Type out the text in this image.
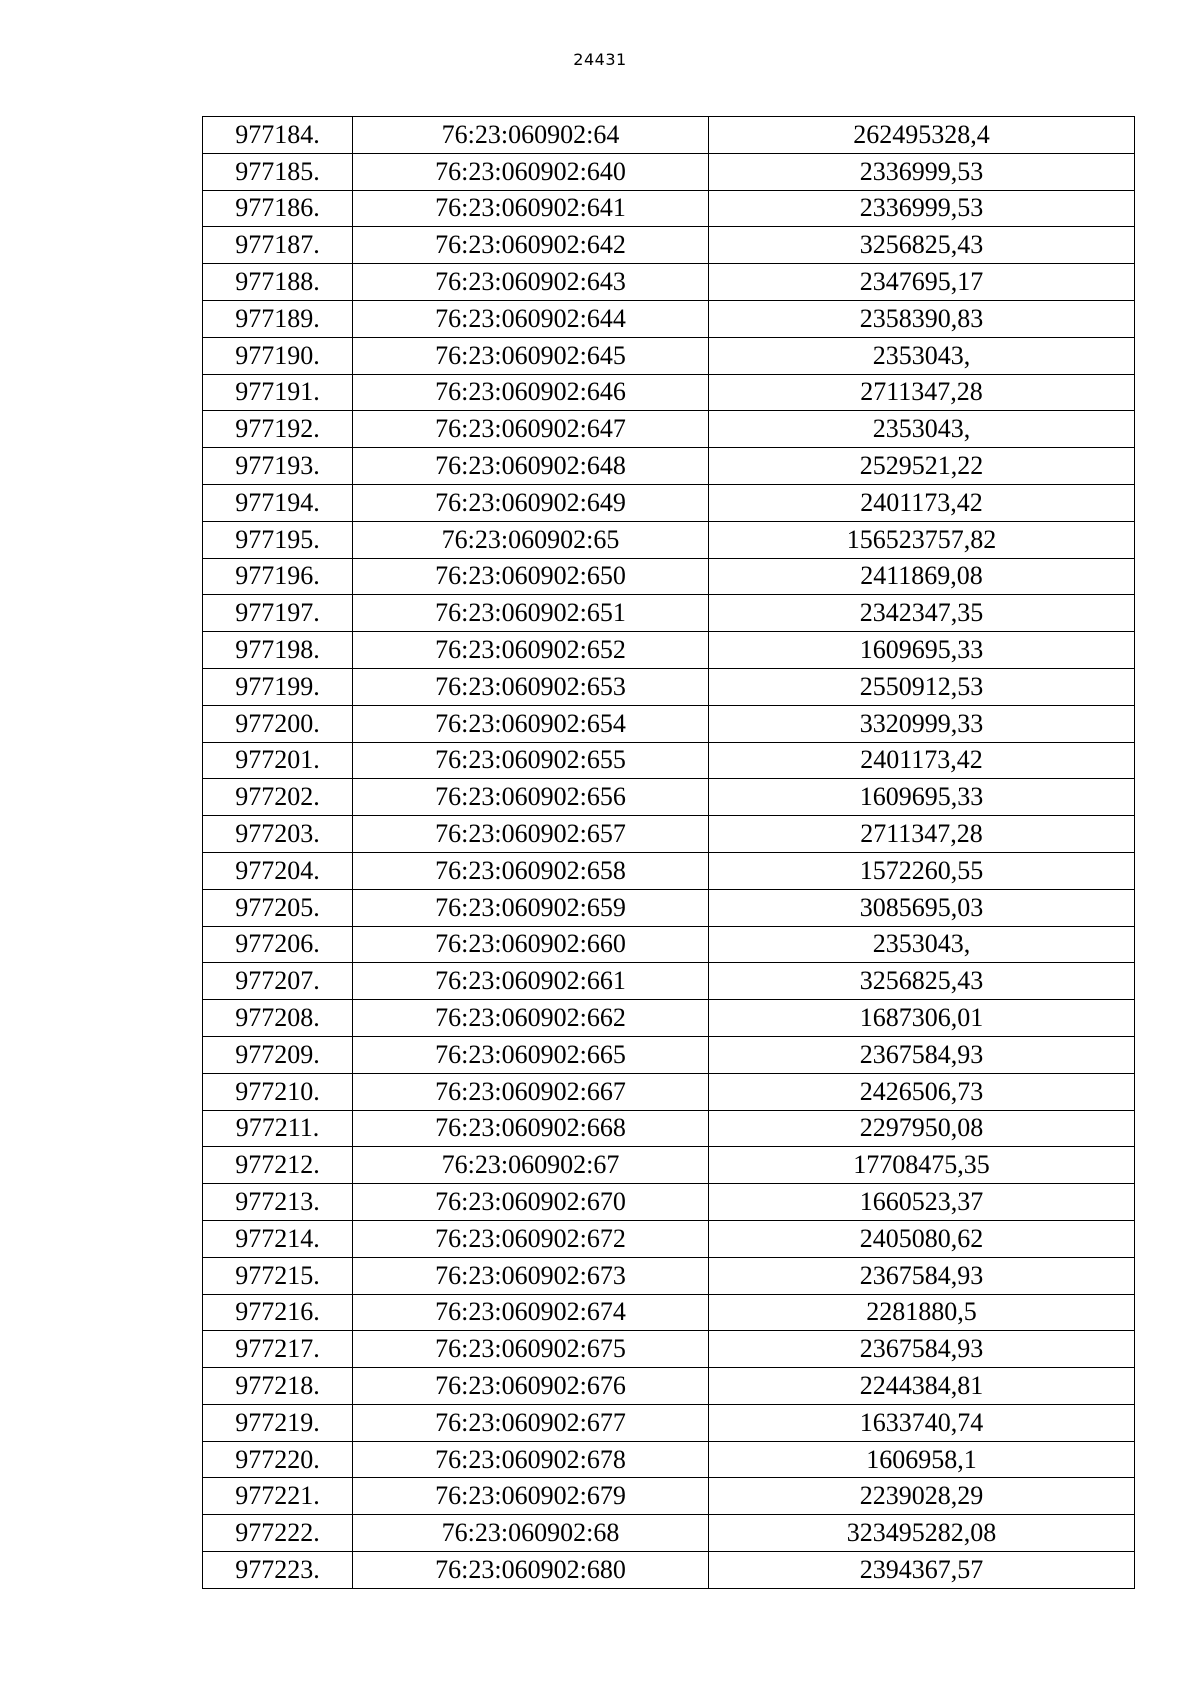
24431
977184.	76:23:060902:64	262495328,4
977185.	76:23:060902:640	2336999,53
977186.	76:23:060902:641	2336999,53
977187.	76:23:060902:642	3256825,43
977188.	76:23:060902:643	2347695,17
977189.	76:23:060902:644	2358390,83
977190.	76:23:060902:645	2353043,
977191.	76:23:060902:646	2711347,28
977192.	76:23:060902:647	2353043,
977193.	76:23:060902:648	2529521,22
977194.	76:23:060902:649	2401173,42
977195.	76:23:060902:65	156523757,82
977196.	76:23:060902:650	2411869,08
977197.	76:23:060902:651	2342347,35
977198.	76:23:060902:652	1609695,33
977199.	76:23:060902:653	2550912,53
977200.	76:23:060902:654	3320999,33
977201.	76:23:060902:655	2401173,42
977202.	76:23:060902:656	1609695,33
977203.	76:23:060902:657	2711347,28
977204.	76:23:060902:658	1572260,55
977205.	76:23:060902:659	3085695,03
977206.	76:23:060902:660	2353043,
977207.	76:23:060902:661	3256825,43
977208.	76:23:060902:662	1687306,01
977209.	76:23:060902:665	2367584,93
977210.	76:23:060902:667	2426506,73
977211.	76:23:060902:668	2297950,08
977212.	76:23:060902:67	17708475,35
977213.	76:23:060902:670	1660523,37
977214.	76:23:060902:672	2405080,62
977215.	76:23:060902:673	2367584,93
977216.	76:23:060902:674	2281880,5
977217.	76:23:060902:675	2367584,93
977218.	76:23:060902:676	2244384,81
977219.	76:23:060902:677	1633740,74
977220.	76:23:060902:678	1606958,1
977221.	76:23:060902:679	2239028,29
977222.	76:23:060902:68	323495282,08
977223.	76:23:060902:680	2394367,57
